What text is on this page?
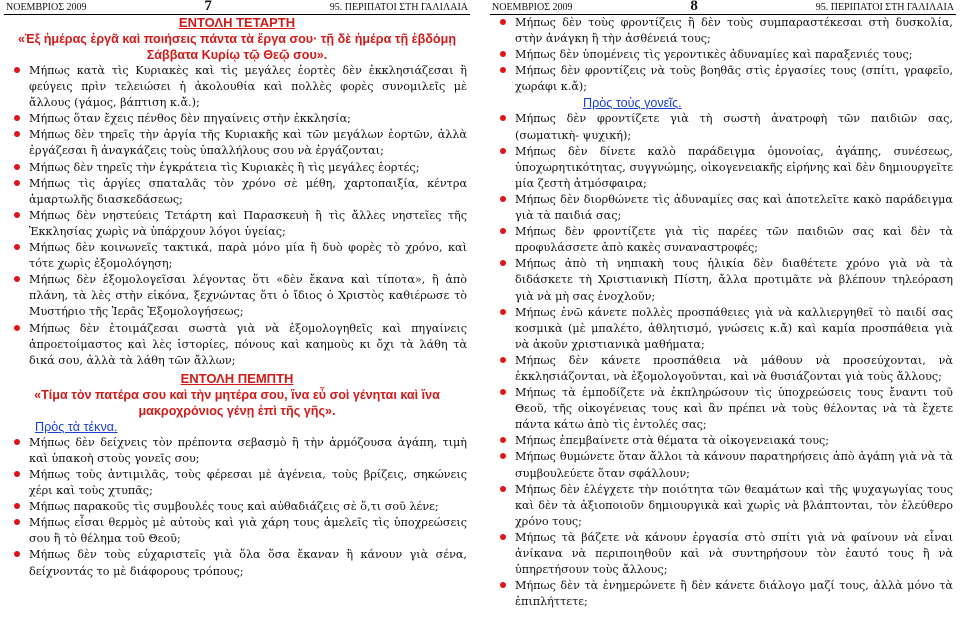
ΝΟΕΜΒΡΙΟΣ 2009	7	95. ΠΕΡΙΠΑΤΟΙ ΣΤΗ ΓΑΛΙΛΑΙΑ

ΕΝΤΟΛΗ ΤΕΤΑΡΤΗ

«Ἐξ ἡμέρας ἐργᾶ καὶ ποιήσεις πάντα τὰ ἔργα σου· τῇ δὲ ἡμέρα τῇ ἑβδόμῃ Σάββατα Κυρίῳ τῷ Θεῷ σου».

Μήπως κατὰ τὶς Κυριακὲς καὶ τὶς μεγάλες ἑορτὲς δὲν ἐκκλησιάζεσαι ἢ φεύγεις πρὶν τελειώσει ἡ ἀκολουθία καὶ πολλὲς φορὲς συνομιλεῖς μὲ ἄλλους (γάμος, βάπτιση κ.ἄ.);

Μήπως ὅταν ἔχεις πένθος δὲν πηγαίνεις στὴν ἐκκλησία;

Μήπως δὲν τηρεῖς τὴν ἀργία τῆς Κυριακῆς καὶ τῶν μεγάλων ἑορτῶν, ἀλλὰ ἐργάζεσαι ἢ ἀναγκάζεις τοὺς ὑπαλλήλους σου νὰ ἐργάζονται;

Μήπως δὲν τηρεῖς τὴν ἐγκράτεια τὶς Κυριακὲς ἢ τὶς μεγάλες ἑορτές;

Μήπως τὶς ἀργίες σπαταλᾶς τὸν χρόνο σὲ μέθη, χαρτοπαιξία, κέντρα ἁμαρτωλῆς διασκεδάσεως;

Μήπως δὲν νηστεύεις Τετάρτη καὶ Παρασκευὴ ἢ τὶς ἄλλες νηστεῖες τῆς Ἐκκλησίας χωρὶς νὰ ὑπάρχουν λόγοι ὑγείας;

Μήπως δὲν κοινωνεῖς τακτικά, παρὰ μόνο μία ἢ δυὸ φορὲς τὸ χρόνο, καὶ τότε χωρὶς ἐξομολόγηση;

Μήπως δὲν ἐξομολογεῖσαι λέγοντας ὅτι «δὲν ἔκανα καὶ τίποτα», ἢ ἀπὸ πλάνη, τὰ λὲς στὴν εἰκόνα, ξεχνώντας ὅτι ὁ ἴδιος ὁ Χριστὸς καθιέρωσε τὸ Μυστήριο τῆς Ἱερᾶς Ἐξομολογήσεως;

Μήπως δὲν ἑτοιμάζεσαι σωστὰ γιὰ νὰ ἐξομολογηθεῖς καὶ πηγαίνεις ἀπροετοίμαστος καὶ λὲς ἱστορίες, πόνους καὶ καημοὺς κι ὄχι τὰ λάθη τὰ δικά σου, ἀλλὰ τὰ λάθη τῶν ἄλλων;

ΕΝΤΟΛΗ ΠΕΜΠΤΗ

«Τίμα τὸν πατέρα σου καὶ τὴν μητέρα σου, ἵνα εὖ σοὶ γένηται καὶ ἵνα μακροχρόνιος γένῃ ἐπὶ τῆς γῆς».

Πρὸς τὰ τέκνα.

Μήπως δὲν δείχνεις τὸν πρέποντα σεβασμὸ ἢ τὴν ἁρμόζουσα ἀγάπη, τιμὴ καὶ ὑπακοὴ στοὺς γονεῖς σου;

Μήπως τοὺς ἀντιμιλᾶς, τοὺς φέρεσαι μὲ ἀγένεια, τοὺς βρίζεις, σηκώνεις χέρι καὶ τοὺς χτυπᾶς;

Μήπως παρακοῦς τὶς συμβουλές τους καὶ αὐθαδιάζεις σὲ ὅ,τι σοῦ λένε;

Μήπως εἶσαι θερμὸς μὲ αὐτοὺς καὶ γιὰ χάρη τους ἀμελεῖς τὶς ὑποχρεώσεις σου ἢ τὸ θέλημα τοῦ Θεοῦ;

Μήπως δὲν τοὺς εὐχαριστεῖς γιὰ ὅλα ὅσα ἔκαναν ἢ κάνουν γιὰ σένα, δείχνοντάς το μὲ διάφορους τρόπους;

ΝΟΕΜΒΡΙΟΣ 2009	8	95. ΠΕΡΙΠΑΤΟΙ ΣΤΗ ΓΑΛΙΛΑΙΑ

Μήπως δὲν τοὺς φροντίζεις ἢ δὲν τοὺς συμπαραστέκεσαι στὴ δυσκολία, στὴν ἀνάγκη ἢ τὴν ἀσθένειά τους;

Μήπως δὲν ὑπομένεις τὶς γεροντικὲς ἀδυναμίες καὶ παραξενιές τους;

Μήπως δὲν φροντίζεις νὰ τοὺς βοηθᾶς στὶς ἐργασίες τους (σπίτι, γραφεῖο, χωράφι κ.ἄ);

Πρὸς τοὺς γονεῖς.

Μήπως δὲν φροντίζετε γιὰ τὴ σωστὴ ἀνατροφὴ τῶν παιδιῶν σας, (σωματικὴ- ψυχική);

Μήπως δὲν δίνετε καλὸ παράδειγμα ὁμονοίας, ἀγάπης, συνέσεως, ὑποχωρητικότητας, συγγνώμης, οἰκογενειακῆς εἰρήνης καὶ δὲν δημιουργεῖτε μία ζεστὴ ἀτμόσφαιρα;

Μήπως δὲν διορθώνετε τὶς ἀδυναμίες σας καὶ ἀποτελεῖτε κακὸ παράδειγμα γιὰ τὰ παιδιά σας;

Μήπως δὲν φροντίζετε γιὰ τὶς παρέες τῶν παιδιῶν σας καὶ δὲν τὰ προφυλάσσετε ἀπὸ κακὲς συναναστροφές;

Μήπως ἀπὸ τὴ νηπιακὴ τους ἡλικία δὲν διαθέτετε χρόνο γιὰ νὰ τὰ διδάσκετε τὴ Χριστιανικὴ Πίστη, ἄλλα προτιμᾶτε νὰ βλέπουν τηλεόραση γιὰ νὰ μὴ σας ἐνοχλοῦν;

Μήπως ἐνῶ κάνετε πολλὲς προσπάθειες γιὰ νὰ καλλιεργηθεῖ τὸ παιδί σας κοσμικὰ (μὲ μπαλέτο, ἀθλητισμό, γνώσεις κ.ἄ) καὶ καμία προσπάθεια γιὰ νὰ ἀκοῦν χριστιανικὰ μαθήματα;

Μήπως δὲν κάνετε προσπάθεια νὰ μάθουν νὰ προσεύχονται, νὰ ἐκκλησιάζονται, νὰ ἐξομολογοῦνται, καὶ νὰ θυσιάζονται γιὰ τοὺς ἄλλους;

Μήπως τὰ ἐμποδίζετε νὰ ἐκπληρώσουν τὶς ὑποχρεώσεις τους ἔναντι τοῦ Θεοῦ, τῆς οἰκογένειας τους καὶ ἂν πρέπει νὰ τοὺς θέλοντας νὰ τὰ ἔχετε πάντα κάτω ἀπὸ τὶς ἐντολές σας;

Μήπως ἐπεμβαίνετε στὰ θέματα τὰ οἰκογενειακά τους;

Μήπως θυμώνετε ὅταν ἄλλοι τὰ κάνουν παρατηρήσεις ἀπὸ ἀγάπη γιὰ νὰ τὰ συμβουλεύετε ὅταν σφάλλουν;

Μήπως δὲν ἐλέγχετε τὴν ποιότητα τῶν θεαμάτων καὶ τῆς ψυχαγωγίας τους καὶ δὲν τὰ ἀξιοποιοῦν δημιουργικὰ καὶ χωρὶς νὰ βλάπτονται, τὸν ἐλεύθερο χρόνο τους;

Μήπως τὰ βάζετε νὰ κάνουν ἐργασία στὸ σπίτι γιὰ νὰ φαίνουν νὰ εἶναι ἀνίκανα νὰ περιποιηθοῦν καὶ νὰ συντηρήσουν τὸν ἑαυτό τους ἢ νὰ ὑπηρετήσουν τοὺς ἄλλους;

Μήπως δὲν τὰ ἐνημερώνετε ἢ δὲν κάνετε διάλογο μαζί τους, ἀλλὰ μόνο τὰ ἐπιπλήττετε;
